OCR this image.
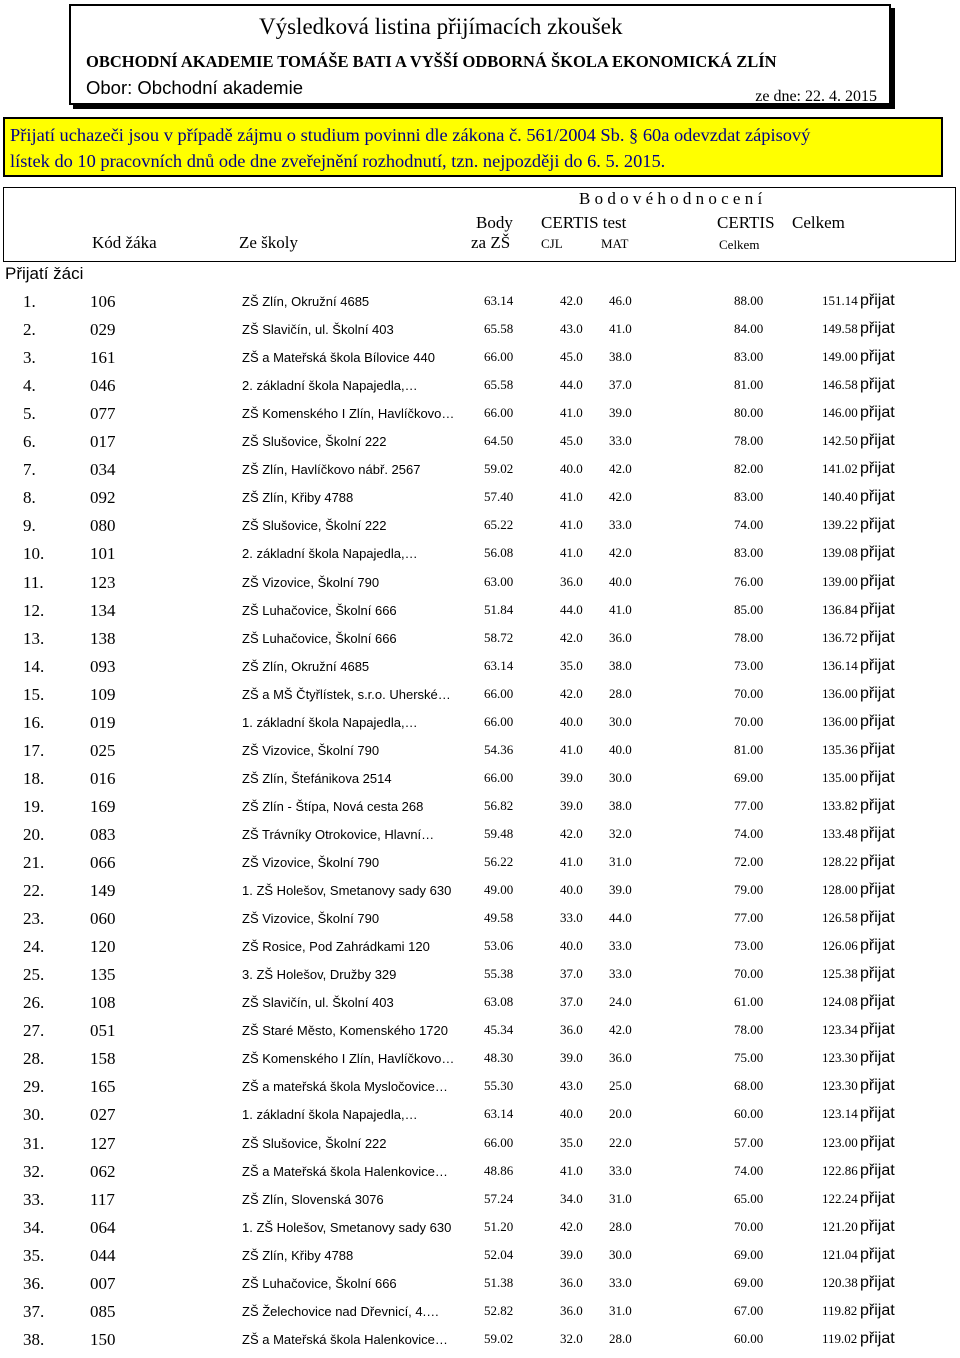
Výsledková listina přijímacích zkoušek
OBCHODNÍ AKADEMIE TOMÁŠE BATI A VYŠŠÍ ODBORNÁ ŠKOLA EKONOMICKÁ ZLÍN
Obor: Obchodní akademie	ze dne: 22. 4. 2015
Přijatí uchazeči jsou v případě zájmu o studium povinni dle zákona č. 561/2004 Sb. § 60a odevzdat zápisový
lístek do 10 pracovních dnů ode dne zveřejnění rozhodnutí, tzn. nejpozději do 6. 5. 2015.
B o d o v é h o d n o c e n í
Kód žáka	Ze školy
Body
za ZŠ
CERTIS test
CJL	MAT
CERTIS
Celkem
Celkem
Přijatí žáci
1.	106	ZŠ Zlín, Okružní 4685	63.14	42.0 46.0	88.00	151.14 přijat
2.	029	ZŠ Slavičín, ul. Školní 403	65.58	43.0 41.0	84.00	149.58 přijat
3.	161	ZŠ a Mateřská škola Bílovice 440	66.00	45.0 38.0	83.00	149.00 přijat
4.	046	2. základní škola Napajedla,…	65.58	44.0 37.0	81.00	146.58 přijat
5.	077	ZŠ Komenského I Zlín, Havlíčkovo… 66.00	41.0 39.0	80.00	146.00 přijat
6.	017	ZŠ Slušovice, Školní 222	64.50	45.0 33.0	78.00	142.50 přijat
7.	034	ZŠ Zlín, Havlíčkovo nábř. 2567	59.02	40.0 42.0	82.00	141.02 přijat
8.	092	ZŠ Zlín, Křiby 4788	57.40	41.0 42.0	83.00	140.40 přijat
9.	080	ZŠ Slušovice, Školní 222	65.22	41.0 33.0	74.00	139.22 přijat
10.	101	2. základní škola Napajedla,…	56.08	41.0 42.0	83.00	139.08 přijat
11.	123	ZŠ Vizovice, Školní 790	63.00	36.0 40.0	76.00	139.00 přijat
12.	134	ZŠ Luhačovice, Školní 666	51.84	44.0 41.0	85.00	136.84 přijat
13.	138	ZŠ Luhačovice, Školní 666	58.72	42.0 36.0	78.00	136.72 přijat
14.	093	ZŠ Zlín, Okružní 4685	63.14	35.0 38.0	73.00	136.14 přijat
15.	109	ZŠ a MŠ Čtyřlístek, s.r.o. Uherské…	66.00	42.0 28.0	70.00	136.00 přijat
16.	019	1. základní škola Napajedla,…	66.00	40.0 30.0	70.00	136.00 přijat
17.	025	ZŠ Vizovice, Školní 790	54.36	41.0 40.0	81.00	135.36 přijat
18.	016	ZŠ Zlín, Štefánikova 2514	66.00	39.0 30.0	69.00	135.00 přijat
19.	169	ZŠ Zlín - Štípa, Nová cesta 268	56.82	39.0 38.0	77.00	133.82 přijat
20.	083	ZŠ Trávníky Otrokovice, Hlavní…	59.48	42.0 32.0	74.00	133.48 přijat
21.	066	ZŠ Vizovice, Školní 790	56.22	41.0 31.0	72.00	128.22 přijat
22.	149	1. ZŠ Holešov, Smetanovy sady 630	49.00	40.0 39.0	79.00	128.00 přijat
23.	060	ZŠ Vizovice, Školní 790	49.58	33.0 44.0	77.00	126.58 přijat
24.	120	ZŠ Rosice, Pod Zahrádkami 120	53.06	40.0 33.0	73.00	126.06 přijat
25.	135	3. ZŠ Holešov, Družby 329	55.38	37.0 33.0	70.00	125.38 přijat
26.	108	ZŠ Slavičín, ul. Školní 403	63.08	37.0 24.0	61.00	124.08 přijat
27.	051	ZŠ Staré Město, Komenského 1720	45.34	36.0 42.0	78.00	123.34 přijat
28.	158	ZŠ Komenského I Zlín, Havlíčkovo… 48.30	39.0 36.0	75.00	123.30 přijat
29.	165	ZŠ a mateřská škola Mysločovice…	55.30	43.0 25.0	68.00	123.30 přijat
30.	027	1. základní škola Napajedla,…	63.14	40.0 20.0	60.00	123.14 přijat
31.	127	ZŠ Slušovice, Školní 222	66.00	35.0 22.0	57.00	123.00 přijat
32.	062	ZŠ a Mateřská škola Halenkovice…	48.86	41.0 33.0	74.00	122.86 přijat
33.	117	ZŠ Zlín, Slovenská 3076	57.24	34.0 31.0	65.00	122.24 přijat
34.	064	1. ZŠ Holešov, Smetanovy sady 630	51.20	42.0 28.0	70.00	121.20 přijat
35.	044	ZŠ Zlín, Křiby 4788	52.04	39.0 30.0	69.00	121.04 přijat
36.	007	ZŠ Luhačovice, Školní 666	51.38	36.0 33.0	69.00	120.38 přijat
37.	085	ZŠ Želechovice nad Dřevnicí, 4.…	52.82	36.0 31.0	67.00	119.82 přijat
38.	150	ZŠ a Mateřská škola Halenkovice…	59.02	32.0 28.0	60.00	119.02 přijat
